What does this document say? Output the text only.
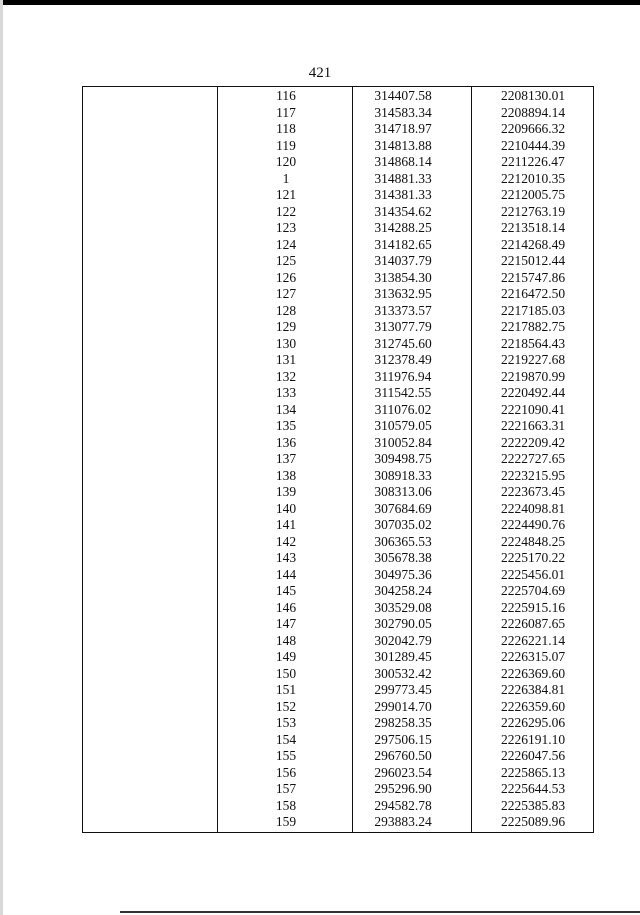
421
116	314407.58	2208130.01
117	314583.34	2208894.14
118	314718.97	2209666.32
119	314813.88	2210444.39
120	314868.14	2211226.47
1	314881.33	2212010.35
121	314381.33	2212005.75
122	314354.62	2212763.19
123	314288.25	2213518.14
124	314182.65	2214268.49
125	314037.79	2215012.44
126	313854.30	2215747.86
127	313632.95	2216472.50
128	313373.57	2217185.03
129	313077.79	2217882.75
130	312745.60	2218564.43
131	312378.49	2219227.68
132	311976.94	2219870.99
133	311542.55	2220492.44
134	311076.02	2221090.41
135	310579.05	2221663.31
136	310052.84	2222209.42
137	309498.75	2222727.65
138	308918.33	2223215.95
139	308313.06	2223673.45
140	307684.69	2224098.81
141	307035.02	2224490.76
142	306365.53	2224848.25
143	305678.38	2225170.22
144	304975.36	2225456.01
145	304258.24	2225704.69
146	303529.08	2225915.16
147	302790.05	2226087.65
148	302042.79	2226221.14
149	301289.45	2226315.07
150	300532.42	2226369.60
151	299773.45	2226384.81
152	299014.70	2226359.60
153	298258.35	2226295.06
154	297506.15	2226191.10
155	296760.50	2226047.56
156	296023.54	2225865.13
157	295296.90	2225644.53
158	294582.78	2225385.83
159	293883.24	2225089.96
